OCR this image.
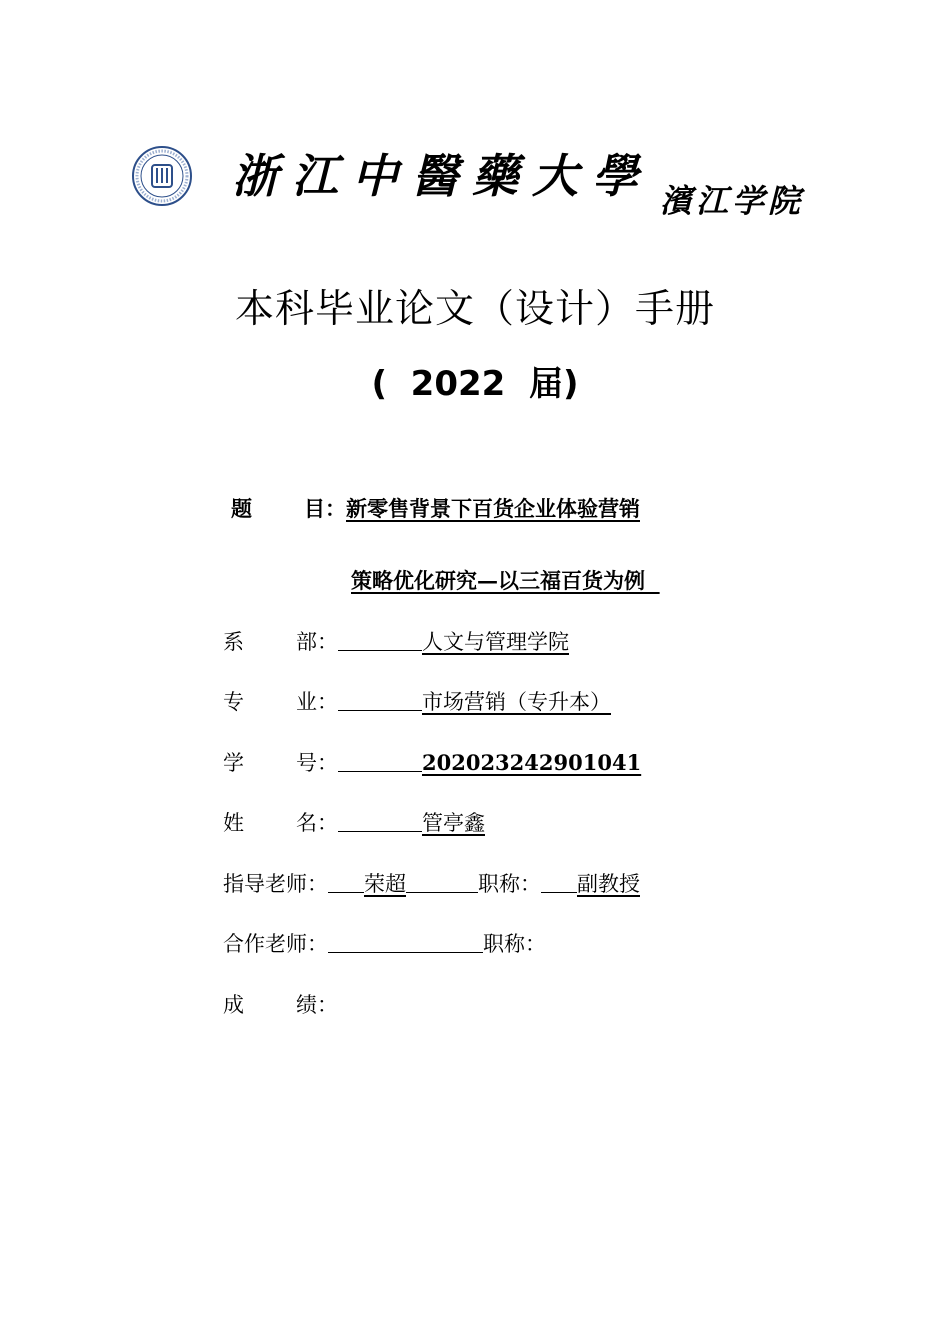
浙江中醫藥大學 濱江学院
本科毕业论文（设计）手册
(  2022  届)
题 目：新零售背景下百货企业体验营销
策略优化研究—以三福百货为例
系 部：	人文与管理学院
专 业：	市场营销（专升本）
学 号：	202023242901041
姓 名：	管亭鑫
指导老师： 荣超	职称： 副教授
合作老师：	职称：
成 绩：
